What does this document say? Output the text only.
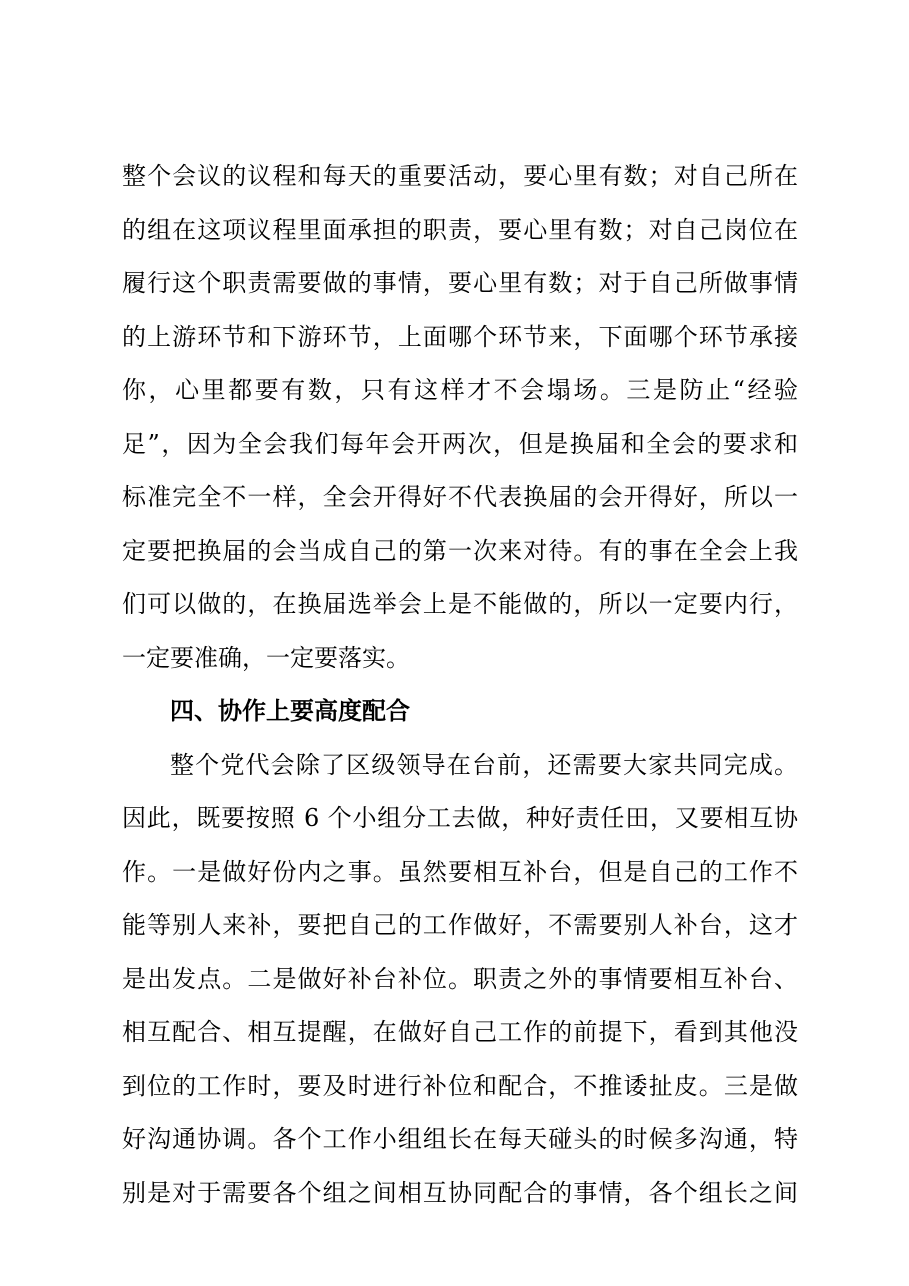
整个会议的议程和每天的重要活动，要心里有数；对自己所在
的组在这项议程里面承担的职责，要心里有数；对自己岗位在
履行这个职责需要做的事情，要心里有数；对于自己所做事情
的上游环节和下游环节，上面哪个环节来，下面哪个环节承接
你，心里都要有数，只有这样才不会塌场。三是防止“经验
足”，因为全会我们每年会开两次，但是换届和全会的要求和
标准完全不一样，全会开得好不代表换届的会开得好，所以一
定要把换届的会当成自己的第一次来对待。有的事在全会上我
们可以做的，在换届选举会上是不能做的，所以一定要内行，
一定要准确，一定要落实。
四、协作上要高度配合
整个党代会除了区级领导在台前，还需要大家共同完成。
因此，既要按照 6 个小组分工去做，种好责任田，又要相互协
作。一是做好份内之事。虽然要相互补台，但是自己的工作不
能等别人来补，要把自己的工作做好，不需要别人补台，这才
是出发点。二是做好补台补位。职责之外的事情要相互补台、
相互配合、相互提醒，在做好自己工作的前提下，看到其他没
到位的工作时，要及时进行补位和配合，不推诿扯皮。三是做
好沟通协调。各个工作小组组长在每天碰头的时候多沟通，特
别是对于需要各个组之间相互协同配合的事情，各个组长之间
